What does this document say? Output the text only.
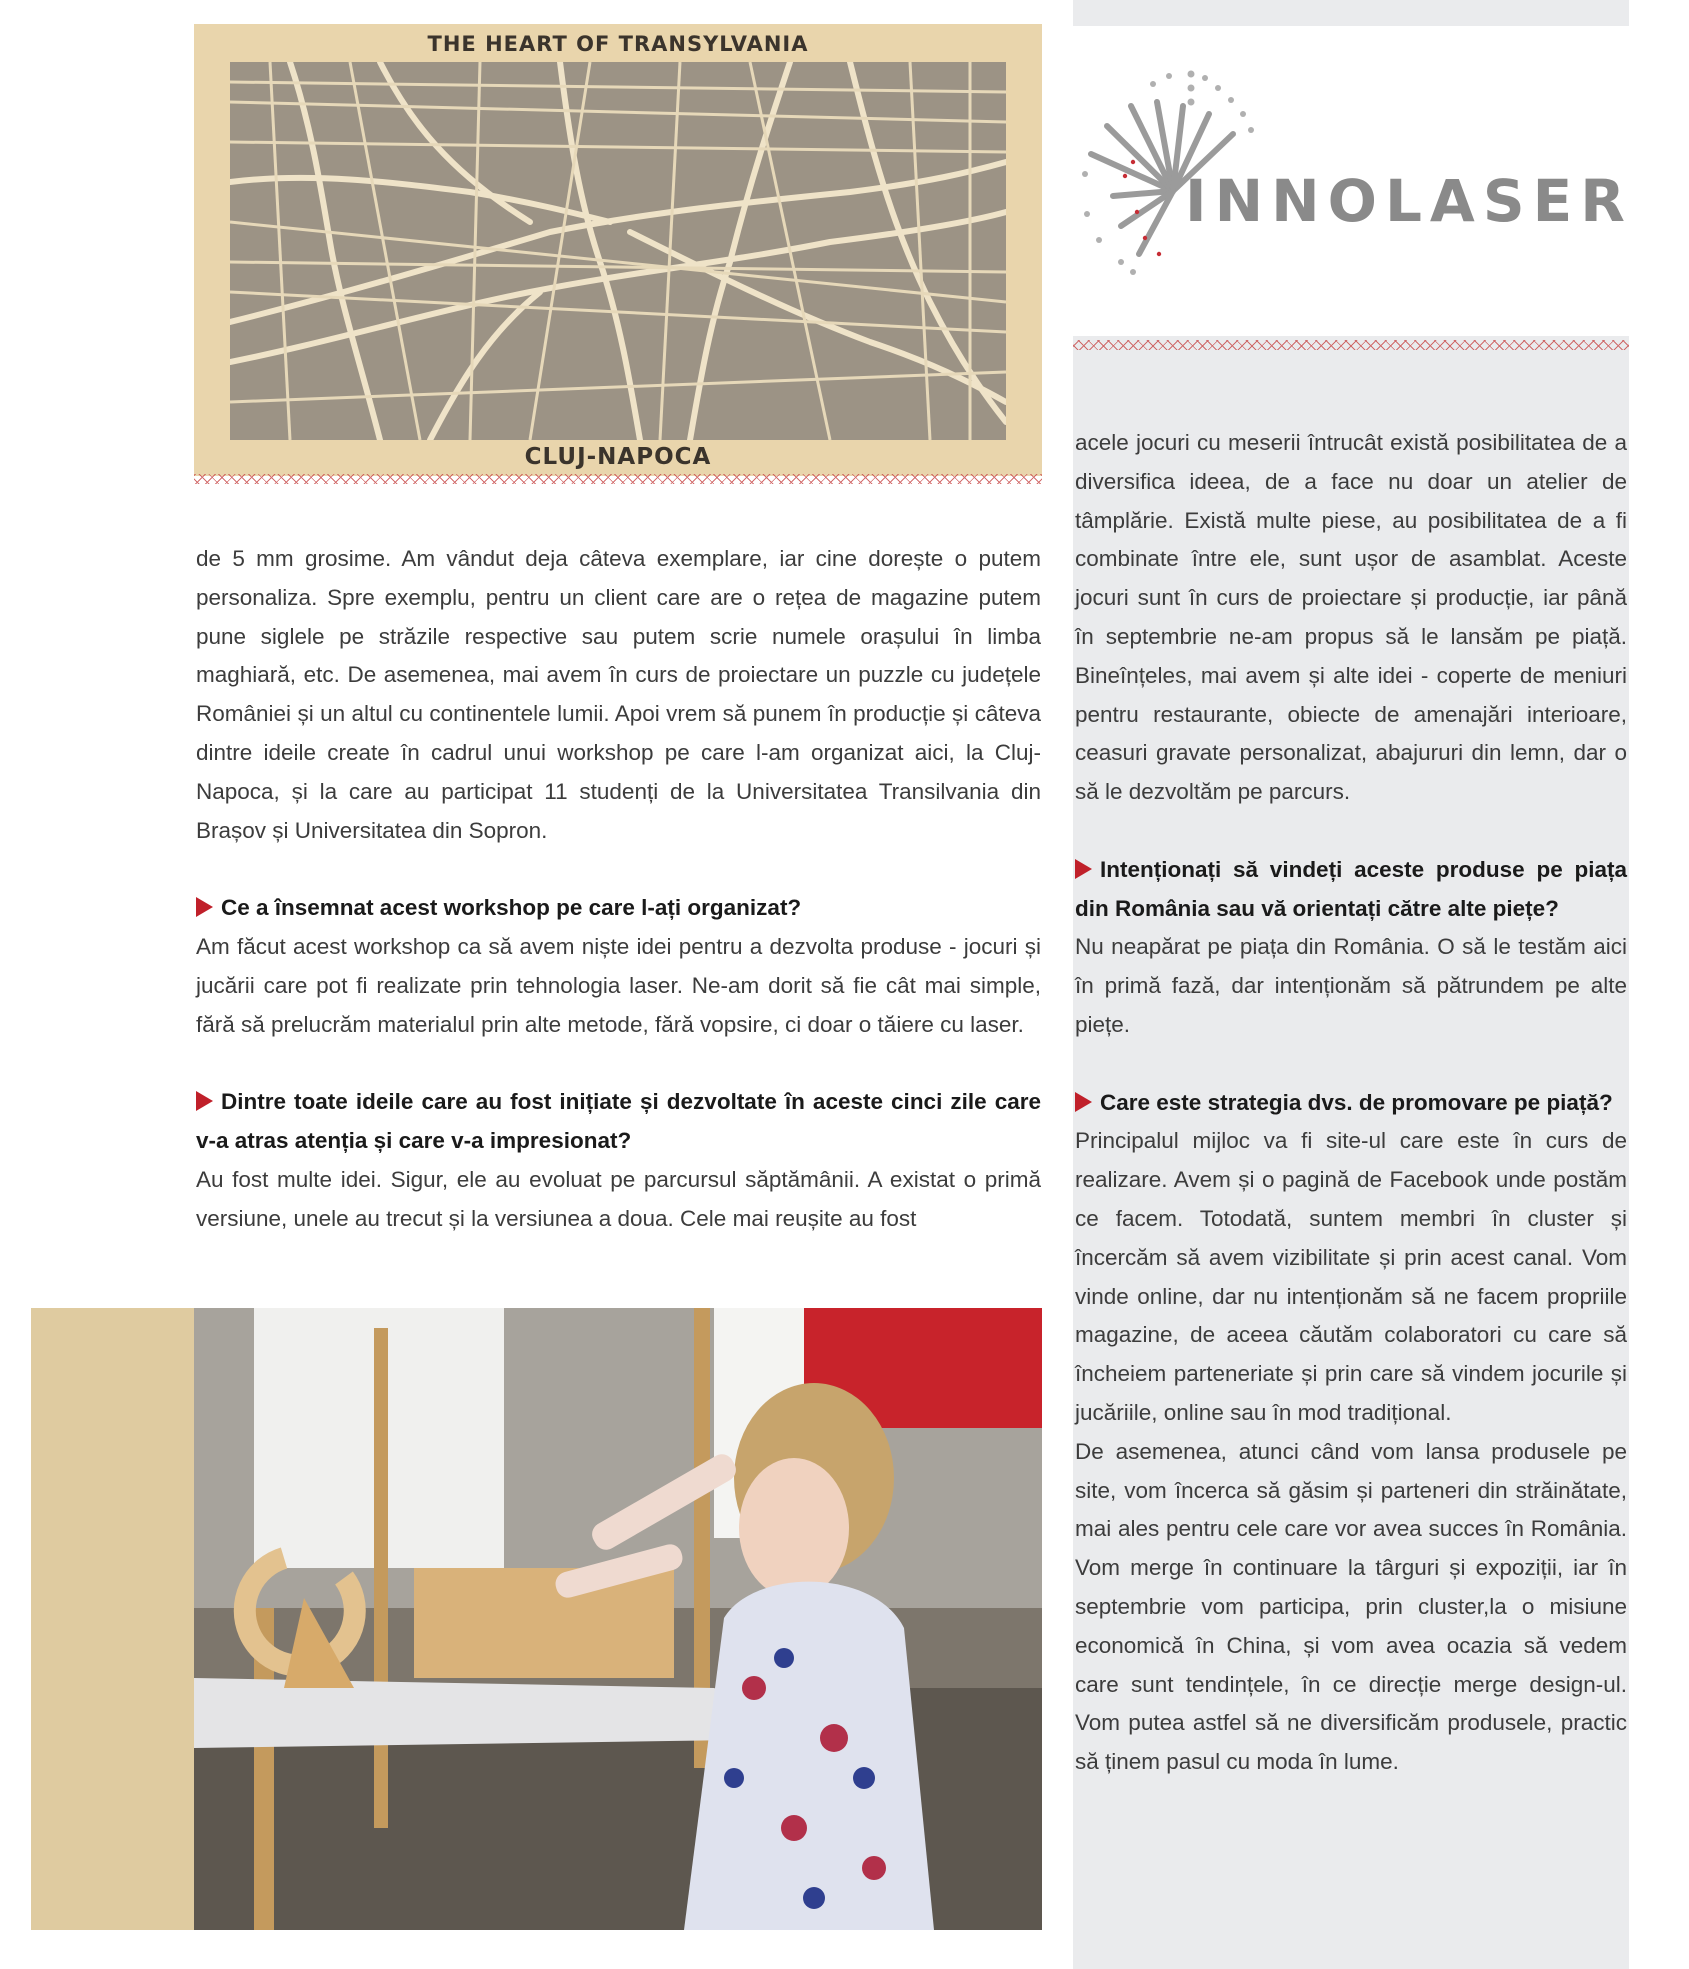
INNOLASER
THE HEART OF TRANSYLVANIA
CLUJ-NAPOCA

de 5 mm grosime. Am vândut deja câteva exemplare, iar cine dorește o putem personaliza. Spre exemplu, pentru un client care are o rețea de magazine putem pune siglele pe străzile respective sau putem scrie numele orașului în limba maghiară, etc. De asemenea, mai avem în curs de proiectare un puzzle cu județele României și un altul cu continentele lumii. Apoi vrem să punem în producție și câteva dintre ideile create în cadrul unui workshop pe care l-am organizat aici, la Cluj-Napoca, și la care au participat 11 studenți de la Universitatea Transilvania din Brașov și Universitatea din Sopron.

Ce a însemnat acest workshop pe care l-ați organizat?

Am făcut acest workshop ca să avem niște idei pentru a dezvolta produse - jocuri și jucării care pot fi realizate prin tehnologia laser. Ne-am dorit să fie cât mai simple, fără să prelucrăm materialul prin alte metode, fără vopsire, ci doar o tăiere cu laser.

Dintre toate ideile care au fost inițiate și dezvoltate în aceste cinci zile care v-a atras atenția și care v-a impresionat?

Au fost multe idei. Sigur, ele au evoluat pe parcursul săptămânii. A existat o primă versiune, unele au trecut și la versiunea a doua. Cele mai reușite au fost

acele jocuri cu meserii întrucât există posibilitatea de a diversifica ideea, de a face nu doar un atelier de tâmplărie. Există multe piese, au posibilitatea de a fi combinate între ele, sunt ușor de asamblat. Aceste jocuri sunt în curs de proiectare și producție, iar până în septembrie ne-am propus să le lansăm pe piață. Bineînțeles, mai avem și alte idei - coperte de meniuri pentru restaurante, obiecte de amenajări interioare, ceasuri gravate personalizat, abajururi din lemn, dar o să le dezvoltăm pe parcurs.

Intenționați să vindeți aceste produse pe piața din România sau vă orientați către alte piețe?

Nu neapărat pe piața din România. O să le testăm aici în primă fază, dar intenționăm să pătrundem pe alte piețe.

Care este strategia dvs. de promovare pe piață?

Principalul mijloc va fi site-ul care este în curs de realizare. Avem și o pagină de Facebook unde postăm ce facem. Totodată, suntem membri în cluster și încercăm să avem vizibilitate și prin acest canal. Vom vinde online, dar nu intenționăm să ne facem propriile magazine, de aceea căutăm colaboratori cu care să încheiem parteneriate și prin care să vindem jocurile și jucăriile, online sau în mod tradițional.

De asemenea, atunci când vom lansa produsele pe site, vom încerca să găsim și parteneri din străinătate, mai ales pentru cele care vor avea succes în România. Vom merge în continuare la târguri și expoziții, iar în septembrie vom participa, prin cluster,la o misiune economică în China, și vom avea ocazia să vedem care sunt tendințele, în ce direcție merge design-ul. Vom putea astfel să ne diversificăm produsele, practic să ținem pasul cu moda în lume.
